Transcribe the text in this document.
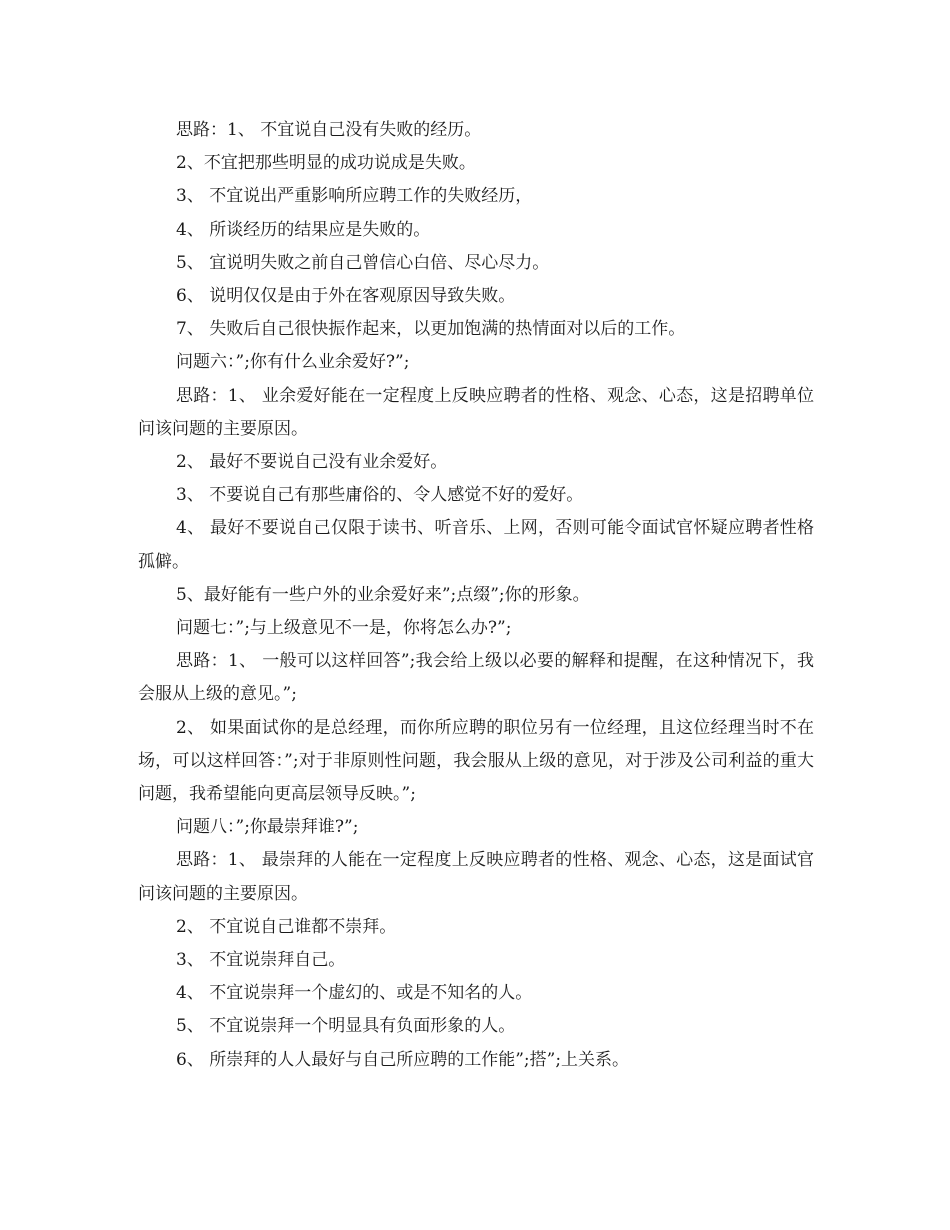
思路：1、 不宜说自己没有失败的经历。

2、不宜把那些明显的成功说成是失败。

3、 不宜说出严重影响所应聘工作的失败经历，

4、 所谈经历的结果应是失败的。

5、 宜说明失败之前自己曾信心白倍、尽心尽力。

6、 说明仅仅是由于外在客观原因导致失败。

7、 失败后自己很快振作起来，以更加饱满的热情面对以后的工作。

问题六：”;你有什么业余爱好?”;

思路：1、 业余爱好能在一定程度上反映应聘者的性格、观念、心态，这是招聘单位问该问题的主要原因。

2、 最好不要说自己没有业余爱好。

3、 不要说自己有那些庸俗的、令人感觉不好的爱好。

4、 最好不要说自己仅限于读书、听音乐、上网，否则可能令面试官怀疑应聘者性格孤僻。

5、最好能有一些户外的业余爱好来”;点缀”;你的形象。

问题七：”;与上级意见不一是，你将怎么办?”;

思路：1、 一般可以这样回答”;我会给上级以必要的解释和提醒，在这种情况下，我会服从上级的意见。”;

2、 如果面试你的是总经理，而你所应聘的职位另有一位经理，且这位经理当时不在场，可以这样回答：”;对于非原则性问题，我会服从上级的意见，对于涉及公司利益的重大问题，我希望能向更高层领导反映。”;

问题八：”;你最崇拜谁?”;

思路：1、 最崇拜的人能在一定程度上反映应聘者的性格、观念、心态，这是面试官问该问题的主要原因。

2、 不宜说自己谁都不崇拜。

3、 不宜说崇拜自己。

4、 不宜说崇拜一个虚幻的、或是不知名的人。

5、 不宜说崇拜一个明显具有负面形象的人。

6、 所崇拜的人人最好与自己所应聘的工作能”;搭”;上关系。
